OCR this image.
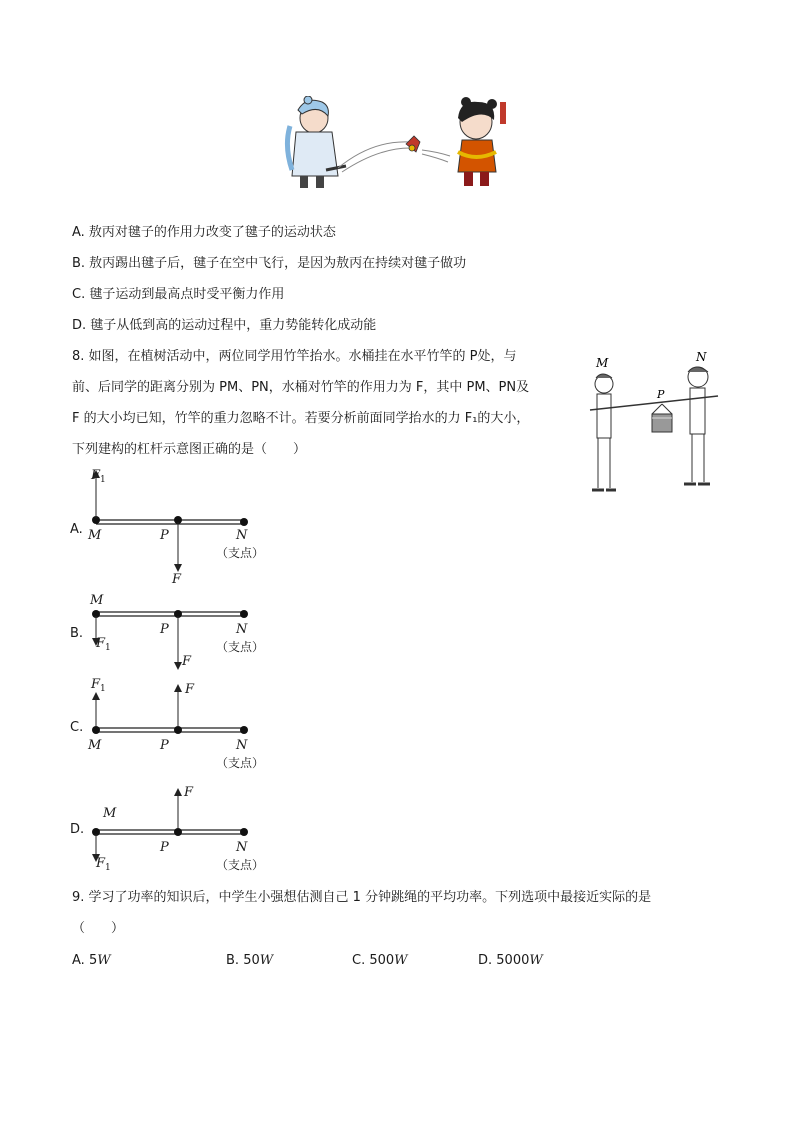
A. 敖丙对毽子的作用力改变了毽子的运动状态
B. 敖丙踢出毽子后，毽子在空中飞行，是因为敖丙在持续对毽子做功
C. 毽子运动到最高点时受平衡力作用
D. 毽子从低到高的运动过程中，重力势能转化成动能
8. 如图，在植树活动中，两位同学用竹竿抬水。水桶挂在水平竹竿的 P处，与
前、后同学的距离分别为 PM、PN，水桶对竹竿的作用力为 F，其中 PM、PN及
F 的大小均已知，竹竿的重力忽略不计。若要分析前面同学抬水的力 F₁的大小，
下列建构的杠杆示意图正确的是（　　）
M	N
P
A.
$F_1$
M	P	N
（支点）
F
B.
M
$F_1$
P	N
（支点）
F
C.
$F_1$	F
M	P	N
（支点）
D.
F
M
P	N
（支点）
$F_1$
9. 学习了功率的知识后，中学生小强想估测自己 1 分钟跳绳的平均功率。下列选项中最接近实际的是
（　　）
A. 5W	B. 50W	C. 500W	D. 5000W
